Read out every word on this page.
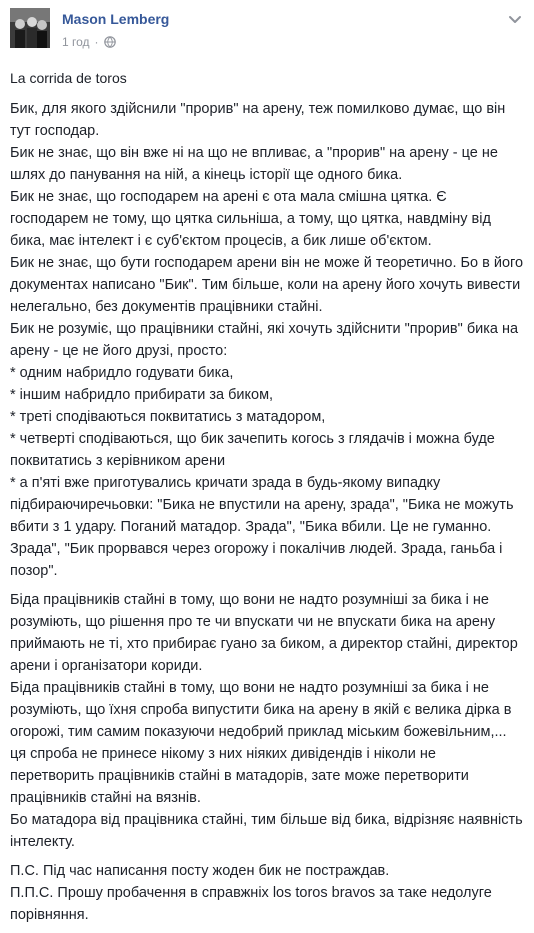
Mason Lemberg
1 год ·
La corrida de toros
Бик, для якого здійснили "прорив" на арену, теж помилково думає, що він тут господар.
Бик не знає, що він вже ні на що не впливає, а "прорив" на арену - це не шлях до панування на ній, а кінець історії ще одного бика.
Бик не знає, що господарем на арені є ота мала смішна цятка. Є господарем не тому, що цятка сильніша, а тому, що цятка, навдміну від бика, має інтелект і є суб'єктом процесів, а бик лише об'єктом.
Бик не знає, що бути господарем арени він не може й теоретично. Бо в його документах написано "Бик". Тим більше, коли на арену його хочуть вивести нелегально, без документів працівники стайні.
Бик не розуміє, що працівники стайні, які хочуть здійснити "прорив" бика на арену - це не його друзі, просто:
* одним набридло годувати бика,
* іншим набридло прибирати за биком,
* треті сподіваються поквитатись з матадором,
* четверті сподіваються, що бик зачепить когось з глядачів і можна буде поквитатись з керівником арени
* а п'яті вже приготувались кричати зрада в будь-якому випадку підбираючиречьовки: "Бика не впустили на арену, зрада", "Бика не можуть вбити з 1 удару. Поганий матадор. Зрада", "Бика вбили. Це не гуманно. Зрада", "Бик прорвався через огорожу і покалічив людей. Зрада, ганьба і позор".
Біда працівників стайні в тому, що вони не надто розумніші за бика і не розуміють, що рішення про те чи впускати чи не впускати бика на арену приймають не ті, хто прибирає гуано за биком, а директор стайні, директор арени і організатори кориди.
Біда працівників стайні в тому, що вони не надто розумніші за бика і не розуміють, що їхня спроба випустити бика на арену в якій є велика дірка в огорожі, тим самим показуючи недобрий приклад міським божевільним,... ця спроба не принесе нікому з них ніяких дивідендів і ніколи не перетворить працівників стайні в матадорів, зате може перетворити працівників стайні на вязнів.
Бо матадора від працівника стайні, тим більше від бика, відрізняє наявність інтелекту.
П.С. Під час написання посту жоден бик не постраждав.
П.П.С. Прошу пробачення в справжніх los toros bravos за таке недолуге порівняння.
